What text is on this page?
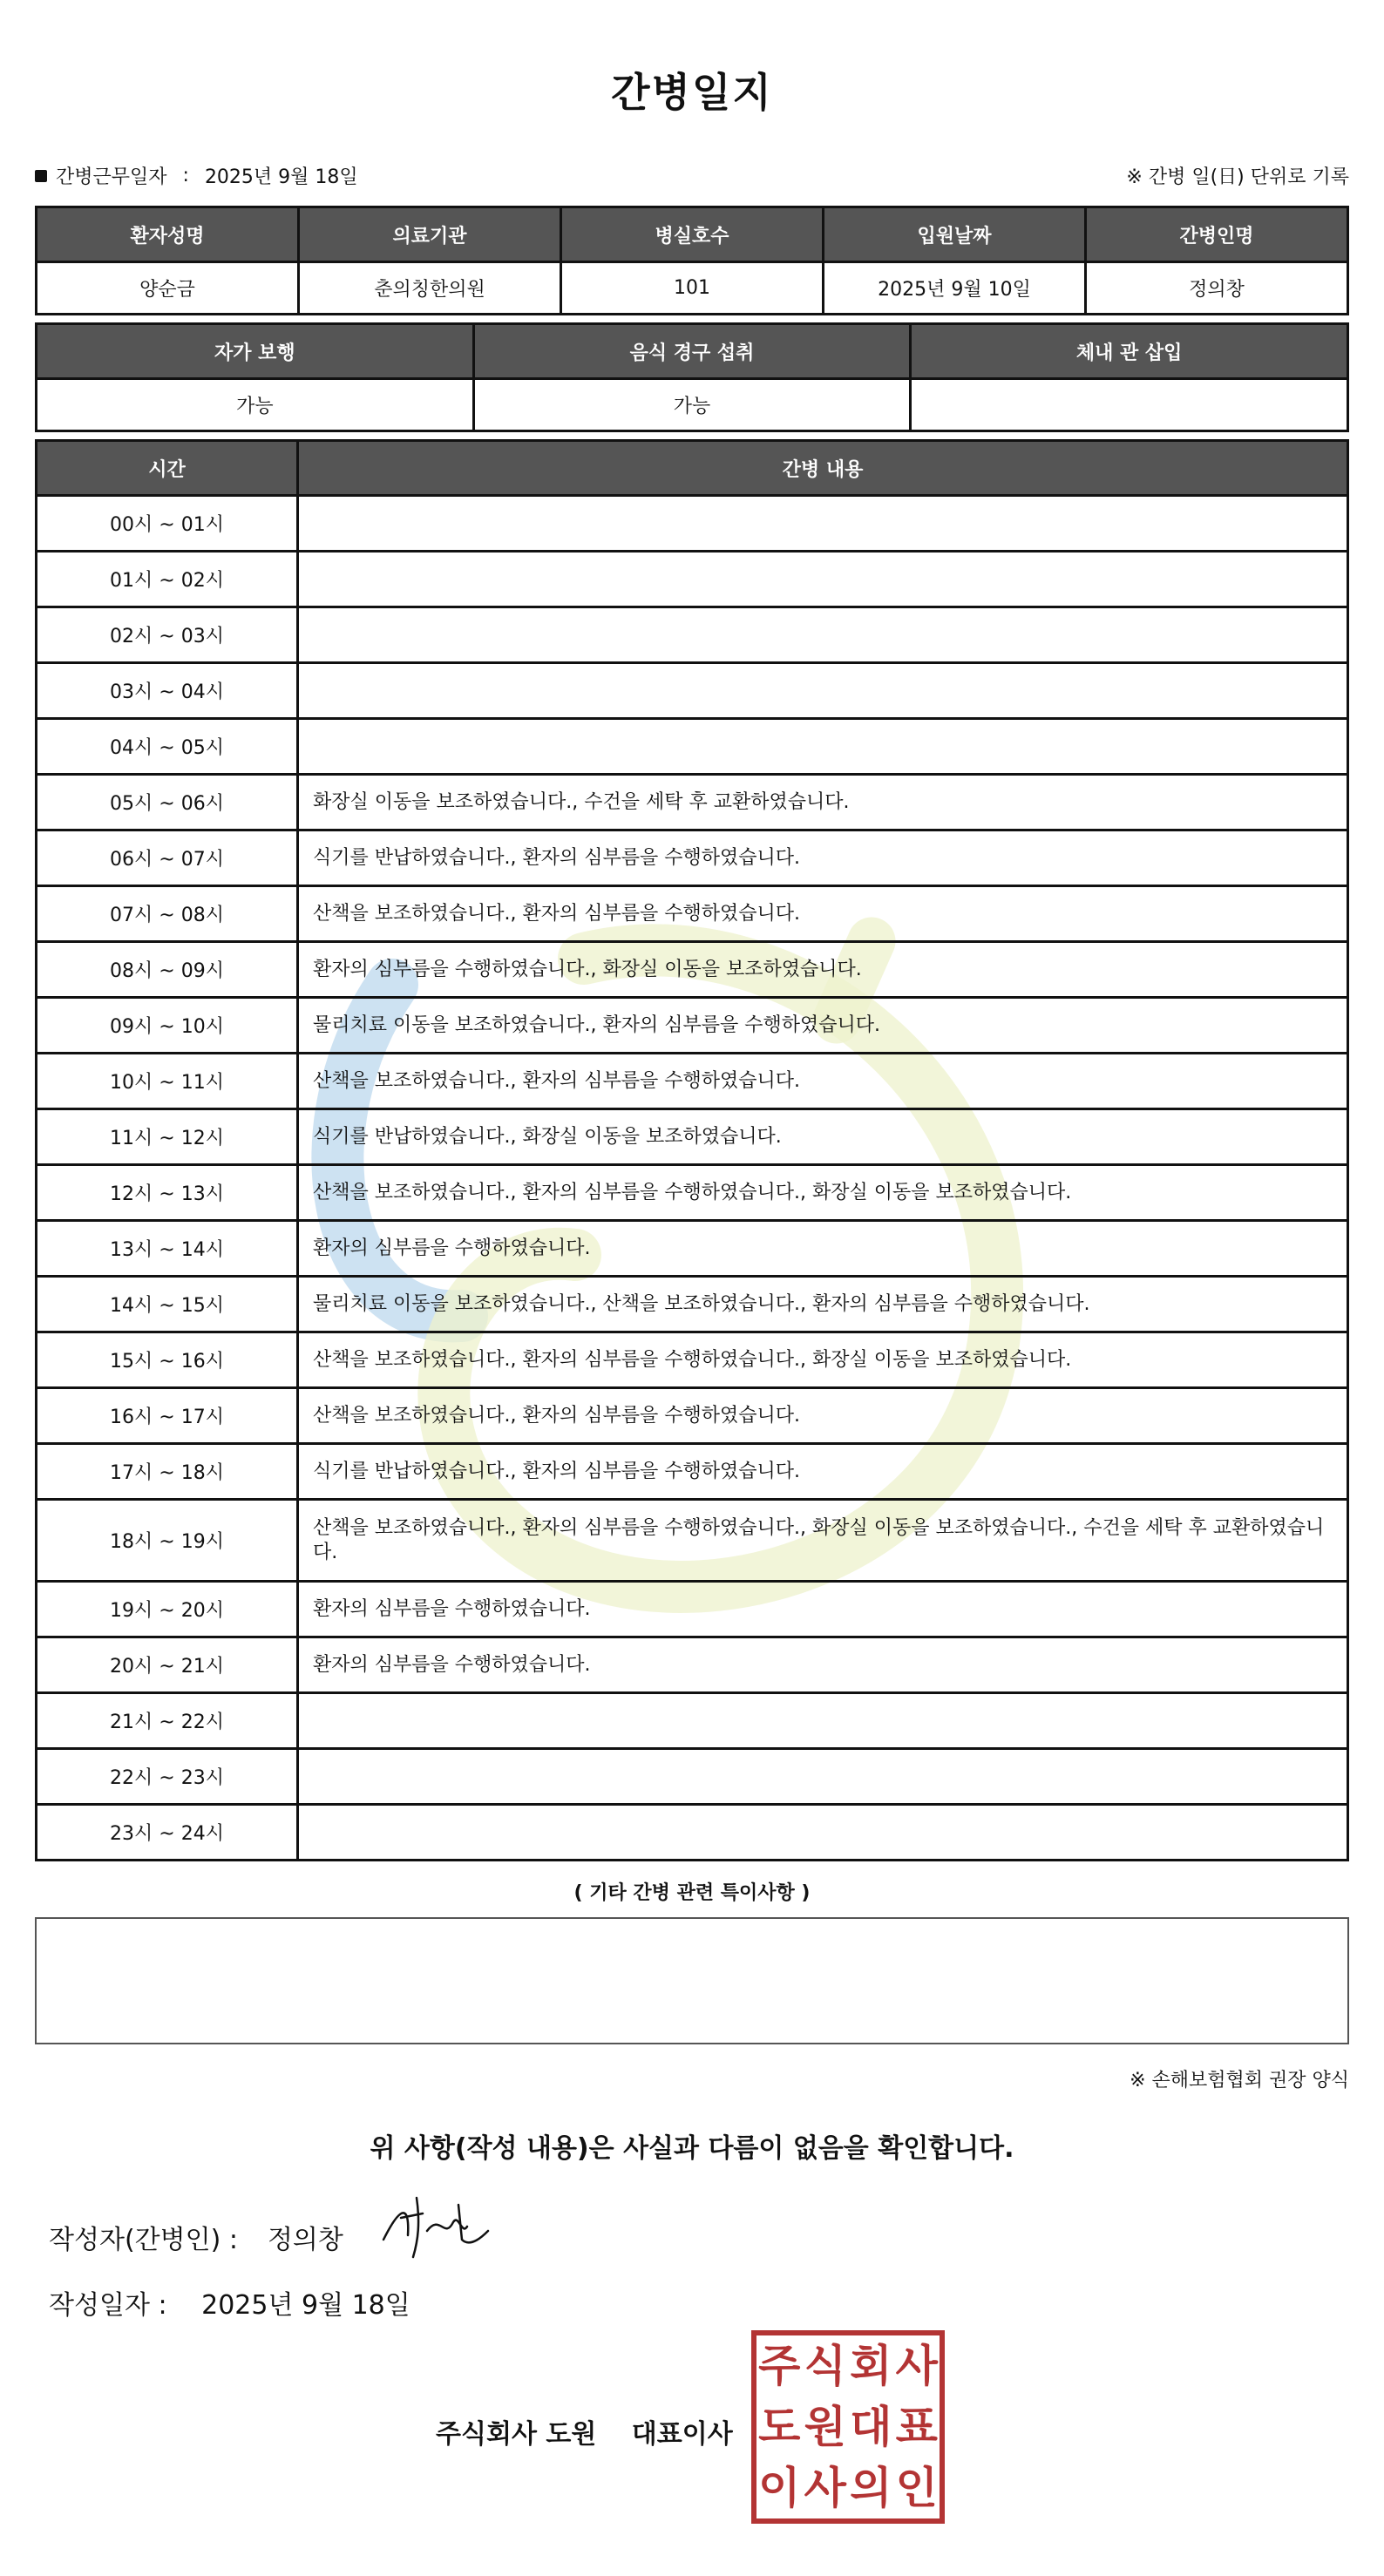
간병일지
간병근무일자 : 2025년 9월 18일	※ 간병 일(日) 단위로 기록
환자성명	의료기관	병실호수	입원날짜	간병인명
양순금	춘의칭한의원	101	2025년 9월 10일	정의창
자가 보행	음식 경구 섭취	체내 관 삽입
가능	가능	
시간	간병 내용
00시 ~ 01시	
01시 ~ 02시	
02시 ~ 03시	
03시 ~ 04시	
04시 ~ 05시	
05시 ~ 06시	화장실 이동을 보조하였습니다., 수건을 세탁 후 교환하였습니다.
06시 ~ 07시	식기를 반납하였습니다., 환자의 심부름을 수행하였습니다.
07시 ~ 08시	산책을 보조하였습니다., 환자의 심부름을 수행하였습니다.
08시 ~ 09시	환자의 심부름을 수행하였습니다., 화장실 이동을 보조하였습니다.
09시 ~ 10시	물리치료 이동을 보조하였습니다., 환자의 심부름을 수행하였습니다.
10시 ~ 11시	산책을 보조하였습니다., 환자의 심부름을 수행하였습니다.
11시 ~ 12시	식기를 반납하였습니다., 화장실 이동을 보조하였습니다.
12시 ~ 13시	산책을 보조하였습니다., 환자의 심부름을 수행하였습니다., 화장실 이동을 보조하였습니다.
13시 ~ 14시	환자의 심부름을 수행하였습니다.
14시 ~ 15시	물리치료 이동을 보조하였습니다., 산책을 보조하였습니다., 환자의 심부름을 수행하였습니다.
15시 ~ 16시	산책을 보조하였습니다., 환자의 심부름을 수행하였습니다., 화장실 이동을 보조하였습니다.
16시 ~ 17시	산책을 보조하였습니다., 환자의 심부름을 수행하였습니다.
17시 ~ 18시	식기를 반납하였습니다., 환자의 심부름을 수행하였습니다.
18시 ~ 19시	산책을 보조하였습니다., 환자의 심부름을 수행하였습니다., 화장실 이동을 보조하였습니다., 수건을 세탁 후 교환하였습니다.
19시 ~ 20시	환자의 심부름을 수행하였습니다.
20시 ~ 21시	환자의 심부름을 수행하였습니다.
21시 ~ 22시	
22시 ~ 23시	
23시 ~ 24시	
( 기타 간병 관련 특이사항 )
※ 손해보험협회 권장 양식
위 사항(작성 내용)은 사실과 다름이 없음을 확인합니다.
작성자(간병인) : 정의창
작성일자 : 2025년 9월 18일
주식회사 도원 대표이사
주 식 회 사
도 원 대 표
이 사 의 인
